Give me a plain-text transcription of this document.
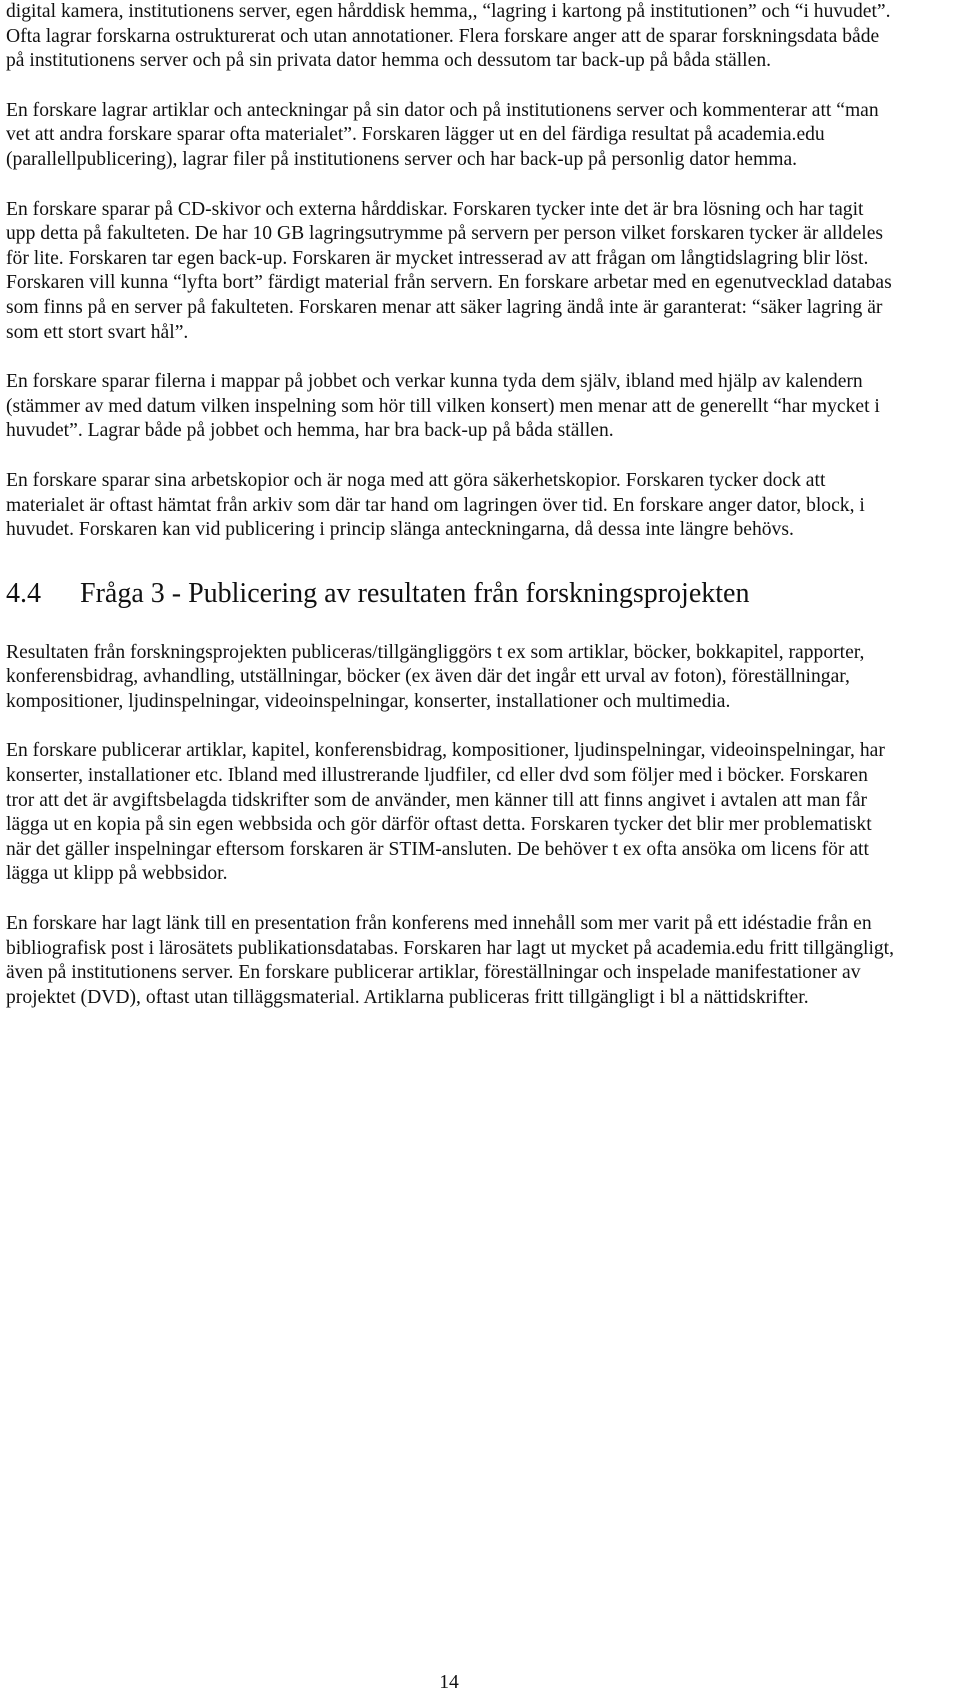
digital kamera, institutionens server, egen hårddisk hemma,, “lagring i kartong på institutionen” och “i huvudet”. Ofta lagrar forskarna ostrukturerat och utan annotationer. Flera forskare anger att de sparar forskningsdata både på institutionens server och på sin privata dator hemma och dessutom tar back-up på båda ställen.

En forskare lagrar artiklar och anteckningar på sin dator och på institutionens server och kommenterar att “man vet att andra forskare sparar ofta materialet”. Forskaren lägger ut en del färdiga resultat på academia.edu (parallellpublicering), lagrar filer på institutionens server och har back-up på personlig dator hemma.

En forskare sparar på CD-skivor och externa hårddiskar. Forskaren tycker inte det är bra lösning och har tagit upp detta på fakulteten. De har 10 GB lagringsutrymme på servern per person vilket forskaren tycker är alldeles för lite. Forskaren tar egen back-up. Forskaren är mycket intresserad av att frågan om långtidslagring blir löst. Forskaren vill kunna “lyfta bort” färdigt material från servern. En forskare arbetar med en egenutvecklad databas som finns på en server på fakulteten. Forskaren menar att säker lagring ändå inte är garanterat: “säker lagring är som ett stort svart hål”.

En forskare sparar filerna i mappar på jobbet och verkar kunna tyda dem själv, ibland med hjälp av kalendern (stämmer av med datum vilken inspelning som hör till vilken konsert) men menar att de generellt “har mycket i huvudet”. Lagrar både på jobbet och hemma, har bra back-up på båda ställen.

En forskare sparar sina arbetskopior och är noga med att göra säkerhetskopior. Forskaren tycker dock att materialet är oftast hämtat från arkiv som där tar hand om lagringen över tid. En forskare anger dator, block, i huvudet. Forskaren kan vid publicering i princip slänga anteckningarna, då dessa inte längre behövs.

4.4	Fråga 3 - Publicering av resultaten från forskningsprojekten

Resultaten från forskningsprojekten publiceras/tillgängliggörs t ex som artiklar, böcker, bokkapitel, rapporter, konferensbidrag, avhandling, utställningar, böcker (ex även där det ingår ett urval av foton), föreställningar, kompositioner, ljudinspelningar, videoinspelningar, konserter, installationer och multimedia.

En forskare publicerar artiklar, kapitel, konferensbidrag, kompositioner, ljudinspelningar, videoinspelningar, har konserter, installationer etc. Ibland med illustrerande ljudfiler, cd eller dvd som följer med i böcker. Forskaren tror att det är avgiftsbelagda tidskrifter som de använder, men känner till att finns angivet i avtalen att man får lägga ut en kopia på sin egen webbsida och gör därför oftast detta. Forskaren tycker det blir mer problematiskt när det gäller inspelningar eftersom forskaren är STIM-ansluten. De behöver t ex ofta ansöka om licens för att lägga ut klipp på webbsidor.

En forskare har lagt länk till en presentation från konferens med innehåll som mer varit på ett idéstadie från en bibliografisk post i lärosätets publikationsdatabas. Forskaren har lagt ut mycket på academia.edu fritt tillgängligt, även på institutionens server. En forskare publicerar artiklar, föreställningar och inspelade manifestationer av projektet (DVD), oftast utan tilläggsmaterial. Artiklarna publiceras fritt tillgängligt i bl a nättidskrifter.

14
